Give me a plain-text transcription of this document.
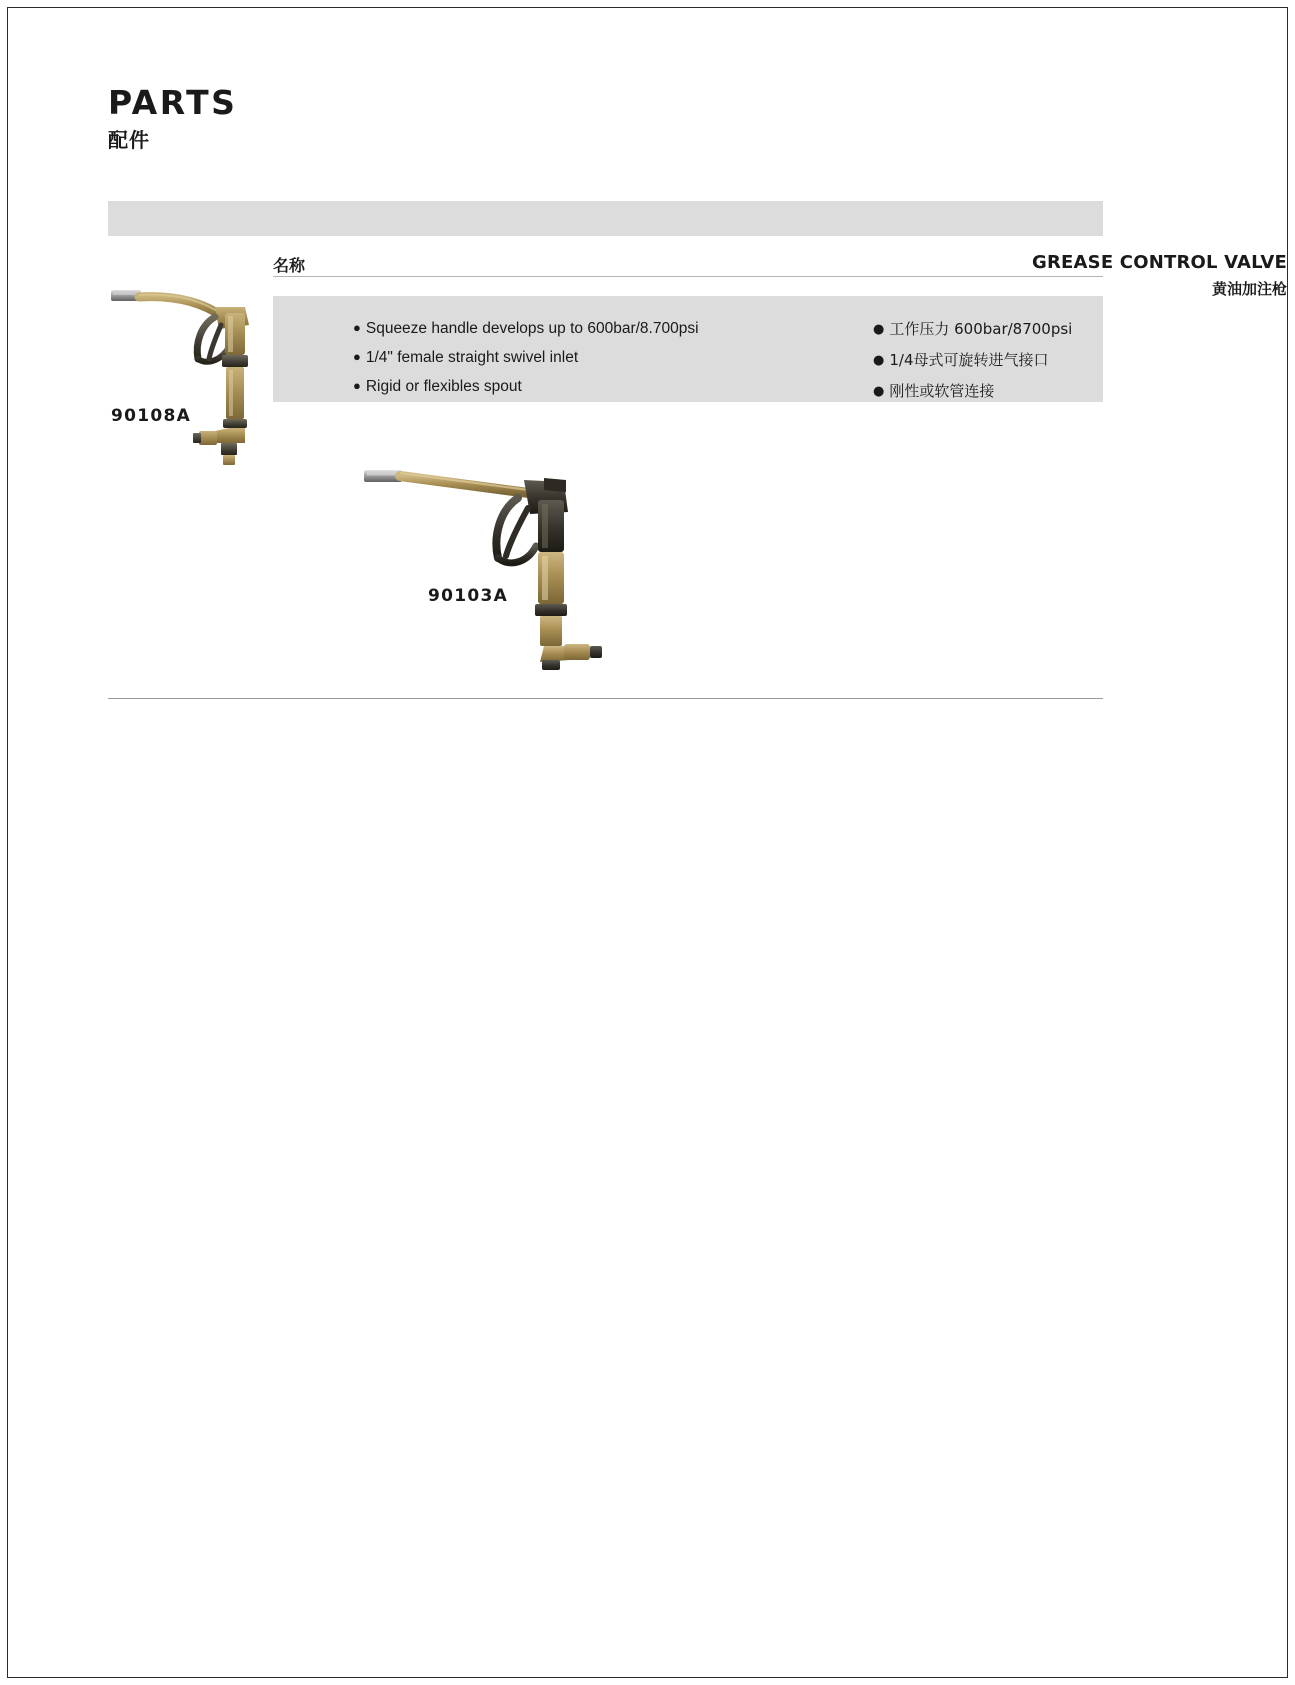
PARTS
配件
名称	GREASE CONTROL VALVE
黄油加注枪
● Squeeze handle develops up to 600bar/8.700psi
● 1/4" female straight swivel inlet
● Rigid or flexibles spout
● 工作压力 600bar/8700psi
● 1/4母式可旋转进气接口
● 刚性或软管连接
90108A
90103A
